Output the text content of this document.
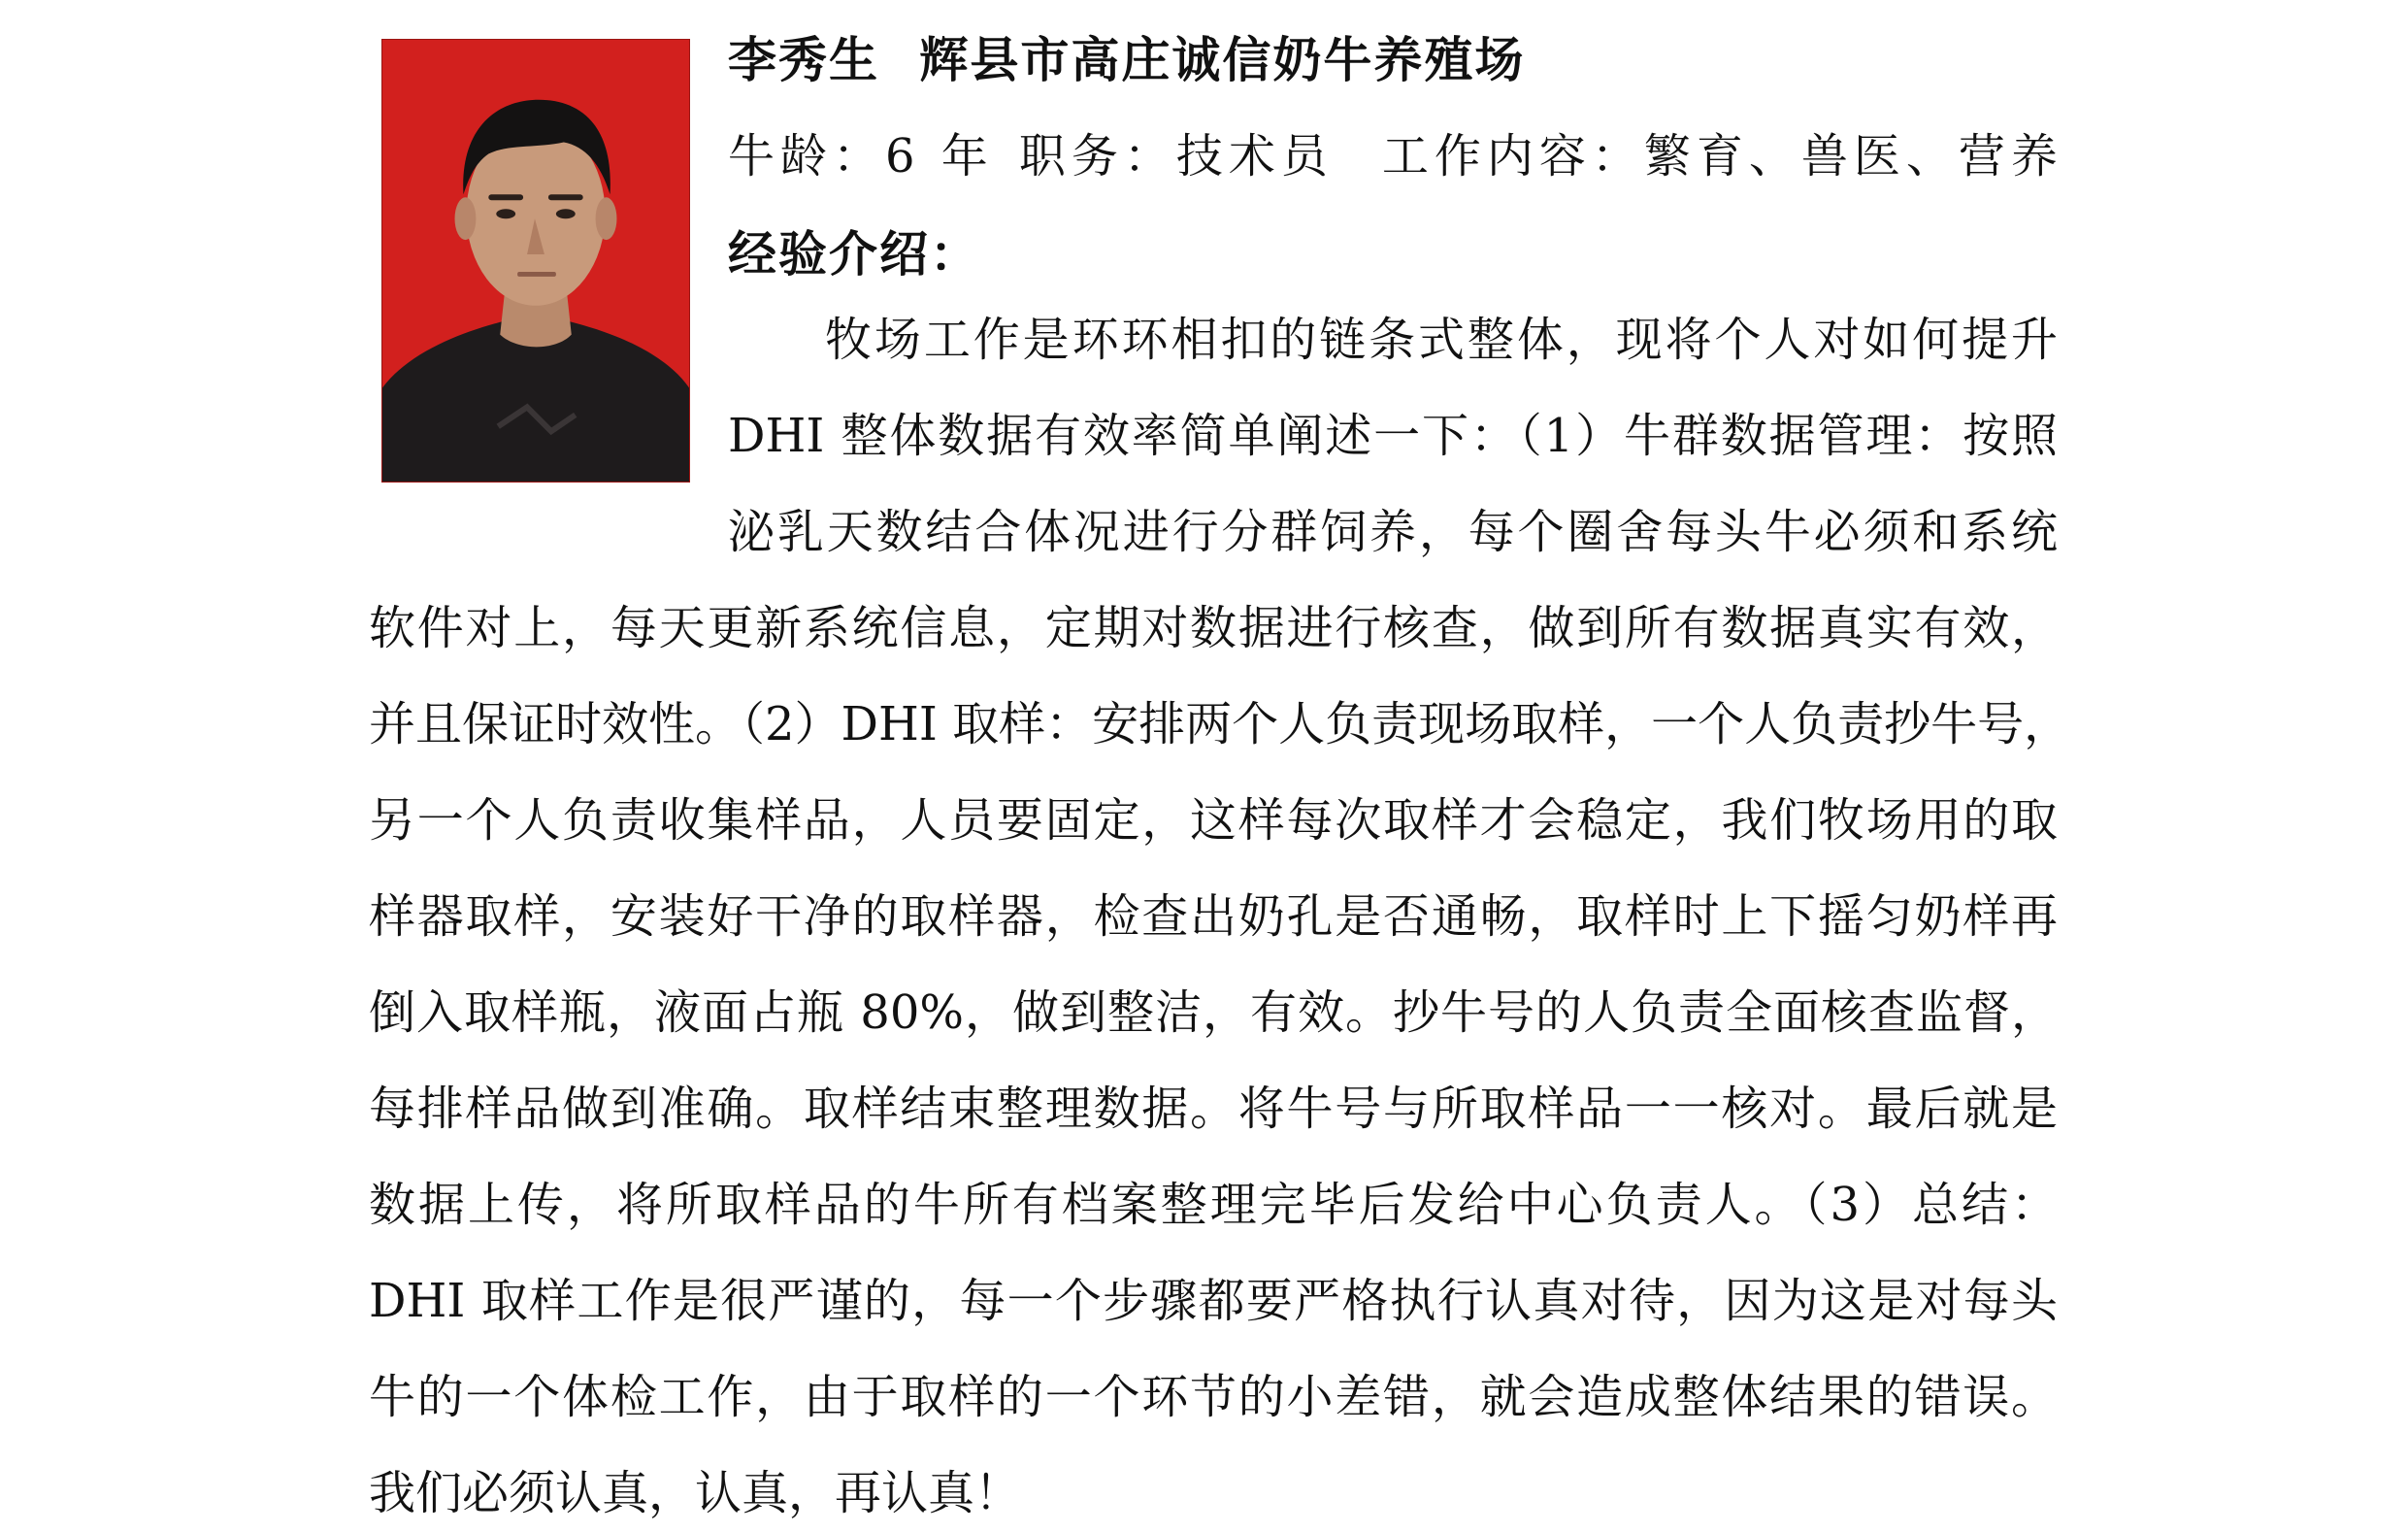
李秀生 辉县市高庄诚信奶牛养殖场
牛龄：6 年 职务：技术员 工作内容：繁育、兽医、营养
经验介绍：
牧场工作是环环相扣的链条式整体，现将个人对如何提升
DHI 整体数据有效率简单阐述一下：（1）牛群数据管理：按照
泌乳天数结合体况进行分群饲养，每个圈舍每头牛必须和系统
软件对上，每天更新系统信息，定期对数据进行核查，做到所有数据真实有效，
并且保证时效性。（2）DHI 取样：安排两个人负责现场取样，一个人负责抄牛号，
另一个人负责收集样品，人员要固定，这样每次取样才会稳定，我们牧场用的取
样器取样，安装好干净的取样器，检查出奶孔是否通畅，取样时上下摇匀奶样再
倒入取样瓶，液面占瓶 80%，做到整洁，有效。抄牛号的人负责全面核查监督，
每排样品做到准确。取样结束整理数据。将牛号与所取样品一一核对。最后就是
数据上传，将所取样品的牛所有档案整理完毕后发给中心负责人。（3）总结：
DHI 取样工作是很严谨的，每一个步骤都要严格执行认真对待，因为这是对每头
牛的一个体检工作，由于取样的一个环节的小差错，就会造成整体结果的错误。
我们必须认真，认真，再认真！
